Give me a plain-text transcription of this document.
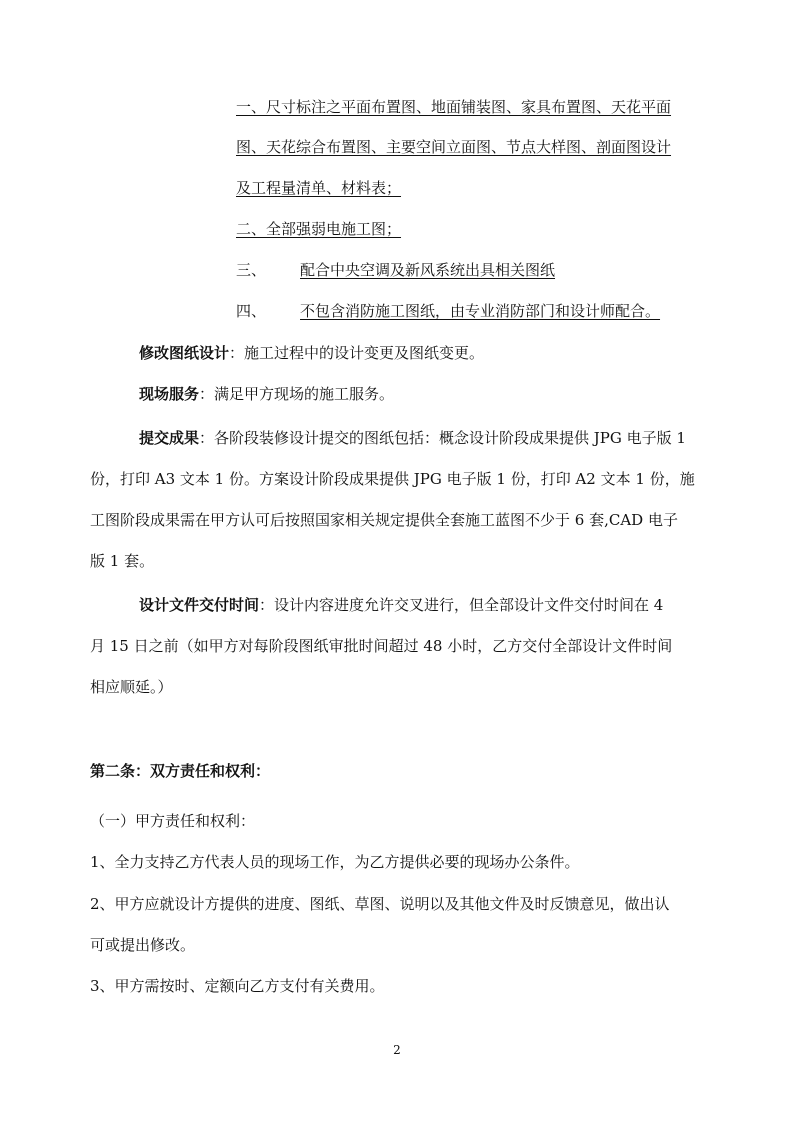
一、尺寸标注之平面布置图、地面铺装图、家具布置图、天花平面
图、天花综合布置图、主要空间立面图、节点大样图、剖面图设计
及工程量清单、材料表；
二、全部强弱电施工图；
三、 配合中央空调及新风系统出具相关图纸
四、 不包含消防施工图纸，由专业消防部门和设计师配合。
修改图纸设计：施工过程中的设计变更及图纸变更。
现场服务：满足甲方现场的施工服务。
提交成果：各阶段装修设计提交的图纸包括：概念设计阶段成果提供 JPG 电子版 1
份，打印 A3 文本 1 份。方案设计阶段成果提供 JPG 电子版 1 份，打印 A2 文本 1 份，施
工图阶段成果需在甲方认可后按照国家相关规定提供全套施工蓝图不少于 6 套,CAD 电子
版 1 套。
设计文件交付时间：设计内容进度允许交叉进行，但全部设计文件交付时间在 4
月 15 日之前（如甲方对每阶段图纸审批时间超过 48 小时，乙方交付全部设计文件时间
相应顺延。）
第二条：双方责任和权利：
（一）甲方责任和权利：
1、全力支持乙方代表人员的现场工作，为乙方提供必要的现场办公条件。
2、甲方应就设计方提供的进度、图纸、草图、说明以及其他文件及时反馈意见，做出认
可或提出修改。
3、甲方需按时、定额向乙方支付有关费用。
2
